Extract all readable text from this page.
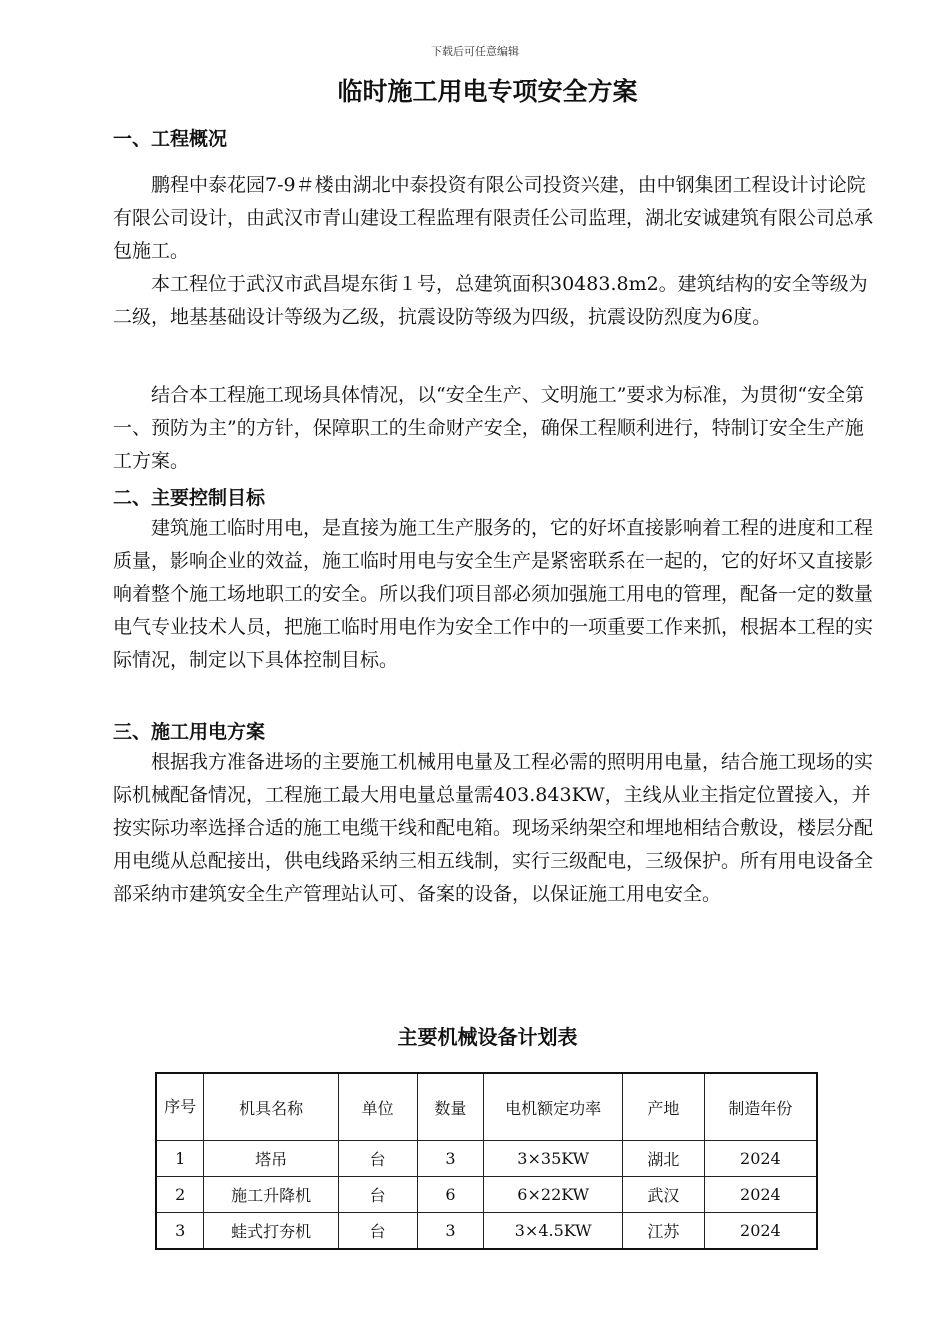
下载后可任意编辑
临时施工用电专项安全方案
一、工程概况
鹏程中泰花园7-9＃楼由湖北中泰投资有限公司投资兴建，由中钢集团工程设计讨论院有限公司设计，由武汉市青山建设工程监理有限责任公司监理，湖北安诚建筑有限公司总承包施工。
本工程位于武汉市武昌堤东街１号，总建筑面积30483.8m2。建筑结构的安全等级为二级，地基基础设计等级为乙级，抗震设防等级为四级，抗震设防烈度为6度。
结合本工程施工现场具体情况，以“安全生产、文明施工”要求为标准，为贯彻“安全第一、预防为主”的方针，保障职工的生命财产安全，确保工程顺利进行，特制订安全生产施工方案。
二、主要控制目标
建筑施工临时用电，是直接为施工生产服务的，它的好坏直接影响着工程的进度和工程质量，影响企业的效益，施工临时用电与安全生产是紧密联系在一起的，它的好坏又直接影响着整个施工场地职工的安全。所以我们项目部必须加强施工用电的管理，配备一定的数量电气专业技术人员，把施工临时用电作为安全工作中的一项重要工作来抓，根据本工程的实际情况，制定以下具体控制目标。
三、施工用电方案
根据我方准备进场的主要施工机械用电量及工程必需的照明用电量，结合施工现场的实际机械配备情况，工程施工最大用电量总量需403.843KW，主线从业主指定位置接入，并按实际功率选择合适的施工电缆干线和配电箱。现场采纳架空和埋地相结合敷设，楼层分配用电缆从总配接出，供电线路采纳三相五线制，实行三级配电，三级保护。所有用电设备全部采纳市建筑安全生产管理站认可、备案的设备，以保证施工用电安全。
主要机械设备计划表
序号	机具名称	单位	数量	电机额定功率	产地	制造年份
1	塔吊	台	3	3×35KW	湖北	2024
2	施工升降机	台	6	6×22KW	武汉	2024
3	蛙式打夯机	台	3	3×4.5KW	江苏	2024
